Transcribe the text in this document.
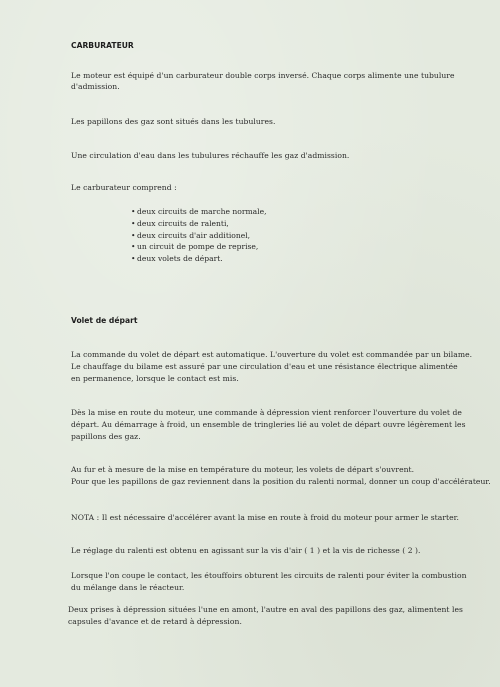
CARBURATEUR

Le moteur est équipé d'un carburateur double corps inversé. Chaque corps alimente une tubulure

d'admission.

Les papillons des gaz sont situés dans les tubulures.

Une circulation d'eau dans les tubulures réchauffe les gaz d'admission.

Le carburateur comprend :

• deux circuits de marche normale,
• deux circuits de ralenti,
• deux circuits d'air additionel,
• un circuit de pompe de reprise,
• deux volets de départ.
Volet de départ

La commande du volet de départ est automatique. L'ouverture du volet est commandée par un bilame.

Le chauffage du bilame est assuré par une circulation d'eau et une résistance électrique alimentée

en permanence, lorsque le contact est mis.

Dès la mise en route du moteur, une commande à dépression vient renforcer l'ouverture du volet de

départ. Au démarrage à froid, un ensemble de tringleries lié au volet de départ ouvre légèrement les

papillons des gaz.

Au fur et à mesure de la mise en température du moteur, les volets de départ s'ouvrent.

Pour que les papillons de gaz reviennent dans la position du ralenti normal, donner un coup d'accélérateur.

NOTA : Il est nécessaire d'accélérer avant la mise en route à froid du moteur pour armer le starter.

Le réglage du ralenti est obtenu en agissant sur la vis d'air ( 1 ) et la vis de richesse ( 2 ).

Lorsque l'on coupe le contact, les étouffoirs obturent les circuits de ralenti pour éviter la combustion

du mélange dans le réacteur.

Deux prises à dépression situées l'une en amont, l'autre en aval des papillons des gaz, alimentent les

capsules d'avance et de retard à dépression.
